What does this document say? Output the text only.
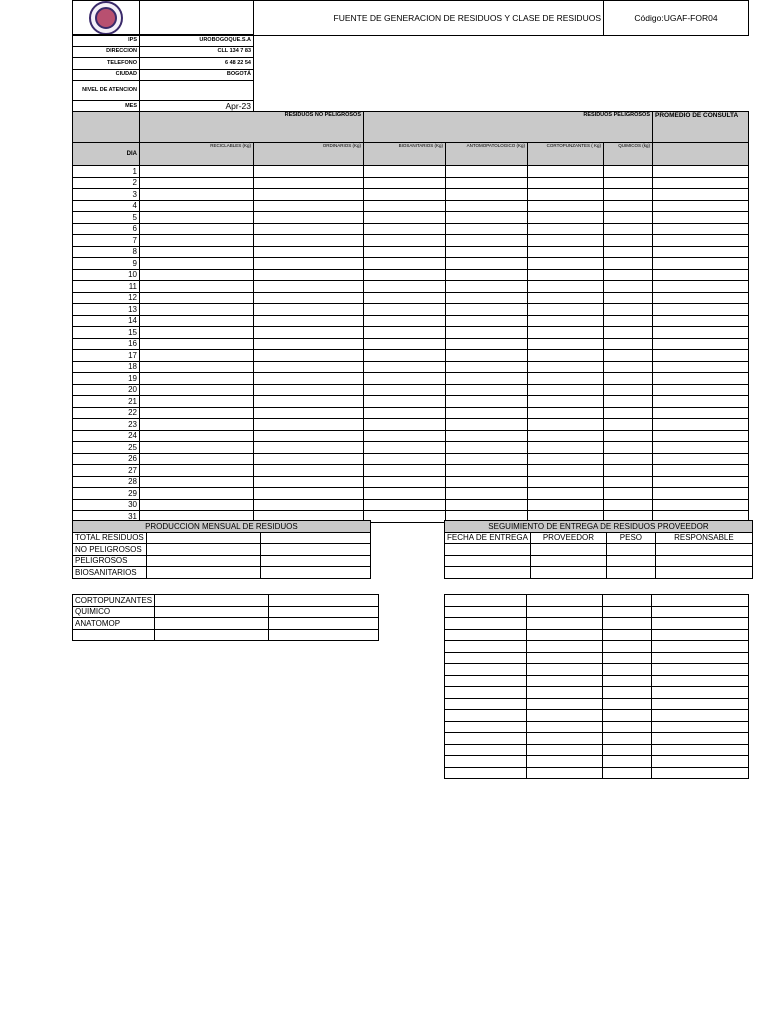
		FUENTE DE GENERACION DE RESIDUOS Y CLASE DE RESIDUOS	Código:UGAF-FOR04
IPS	UROBOGOQUE.S.A
DIRECCION	CLL 134 7 83
TELEFONO	6 48 22 54
CIUDAD	BOGOTÁ
NIVEL DE ATENCION	
MES	Apr-23
	RESIDUOS NO PELIGROSOS		RESIDUOS PELIGROSOS				PROMEDIO DE CONSULTA
DIA	RECICLABLES (Kg)	ORDINARIOS (Kg)	BIOSANITARIOS (Kg)	ANTOMOPATOLOGICO (Kg)	CORTOPUNZANTES ( Kg)	QUIMICOS (kg)	
1							
2							
3							
4							
5							
6							
7							
8							
9							
10							
11							
12							
13							
14							
15							
16							
17							
18							
19							
20							
21							
22							
23							
24							
25							
26							
27							
28							
29							
30							
31							
PRODUCCION MENSUAL DE RESIDUOS		
TOTAL RESIDUOS		
NO PELIGROSOS		
PELIGROSOS		
BIOSANITARIOS		
CORTOPUNZANTES		
QUIMICO		
ANATOMOP		

SEGUIMIENTO DE ENTREGA DE RESIDUOS PROVEEDOR			
FECHA DE ENTREGA	PROVEEDOR	PESO	RESPONSABLE
